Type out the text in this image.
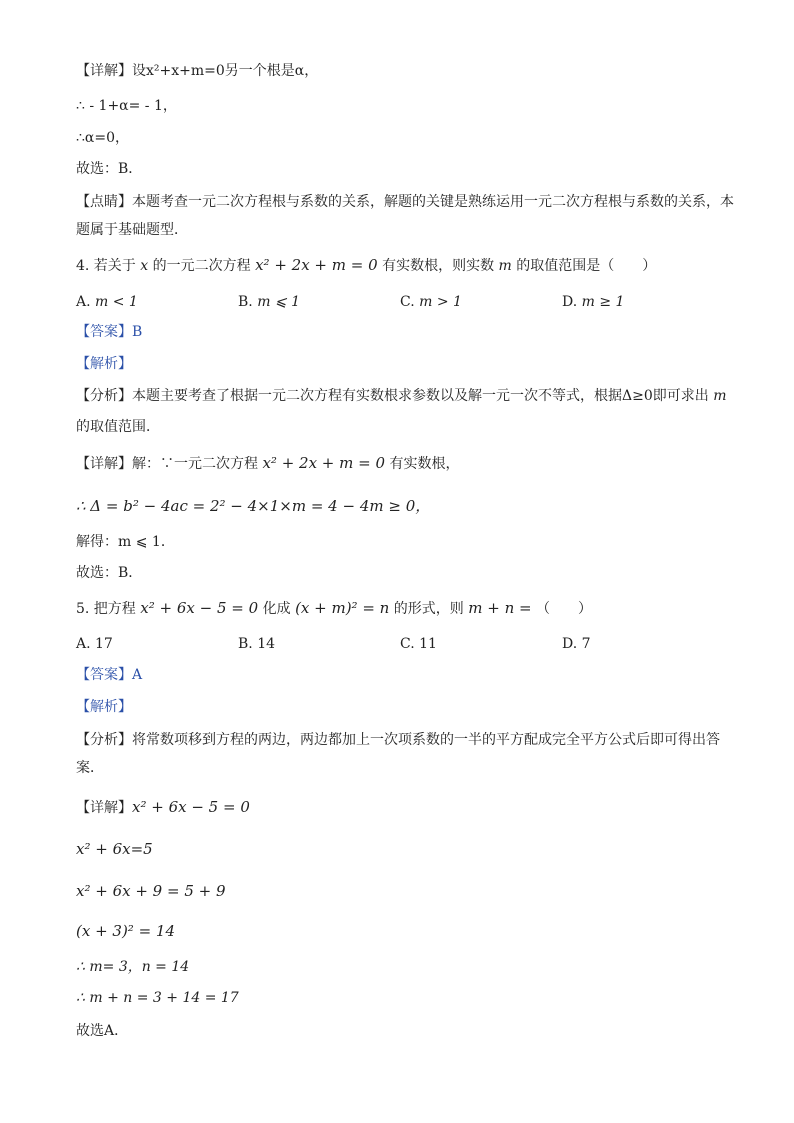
【详解】设x²+x+m=0另一个根是α，
∴ - 1+α= - 1，
∴α=0，
故选：B．
【点睛】本题考查一元二次方程根与系数的关系，解题的关键是熟练运用一元二次方程根与系数的关系，本题属于基础题型．
4. 若关于 x 的一元二次方程 x² + 2x + m = 0 有实数根，则实数 m 的取值范围是（　　）
A. m < 1	B. m ⩽ 1	C. m > 1	D. m ≥ 1
【答案】B
【解析】
【分析】本题主要考查了根据一元二次方程有实数根求参数以及解一元一次不等式，根据Δ≥0即可求出 m
的取值范围．
【详解】解：∵一元二次方程 x² + 2x + m = 0 有实数根，
∴ Δ = b² − 4ac = 2² − 4×1×m = 4 − 4m ≥ 0，
解得：m ⩽ 1．
故选：B．
5. 把方程 x² + 6x − 5 = 0 化成 (x + m)² = n 的形式，则 m + n = （　　）
A. 17	B. 14	C. 11	D. 7
【答案】A
【解析】
【分析】将常数项移到方程的两边，两边都加上一次项系数的一半的平方配成完全平方公式后即可得出答案．
【详解】x² + 6x − 5 = 0
x² + 6x=5
x² + 6x + 9 = 5 + 9
(x + 3)² = 14
∴ m= 3，n = 14
∴ m + n = 3 + 14 = 17
故选A．
